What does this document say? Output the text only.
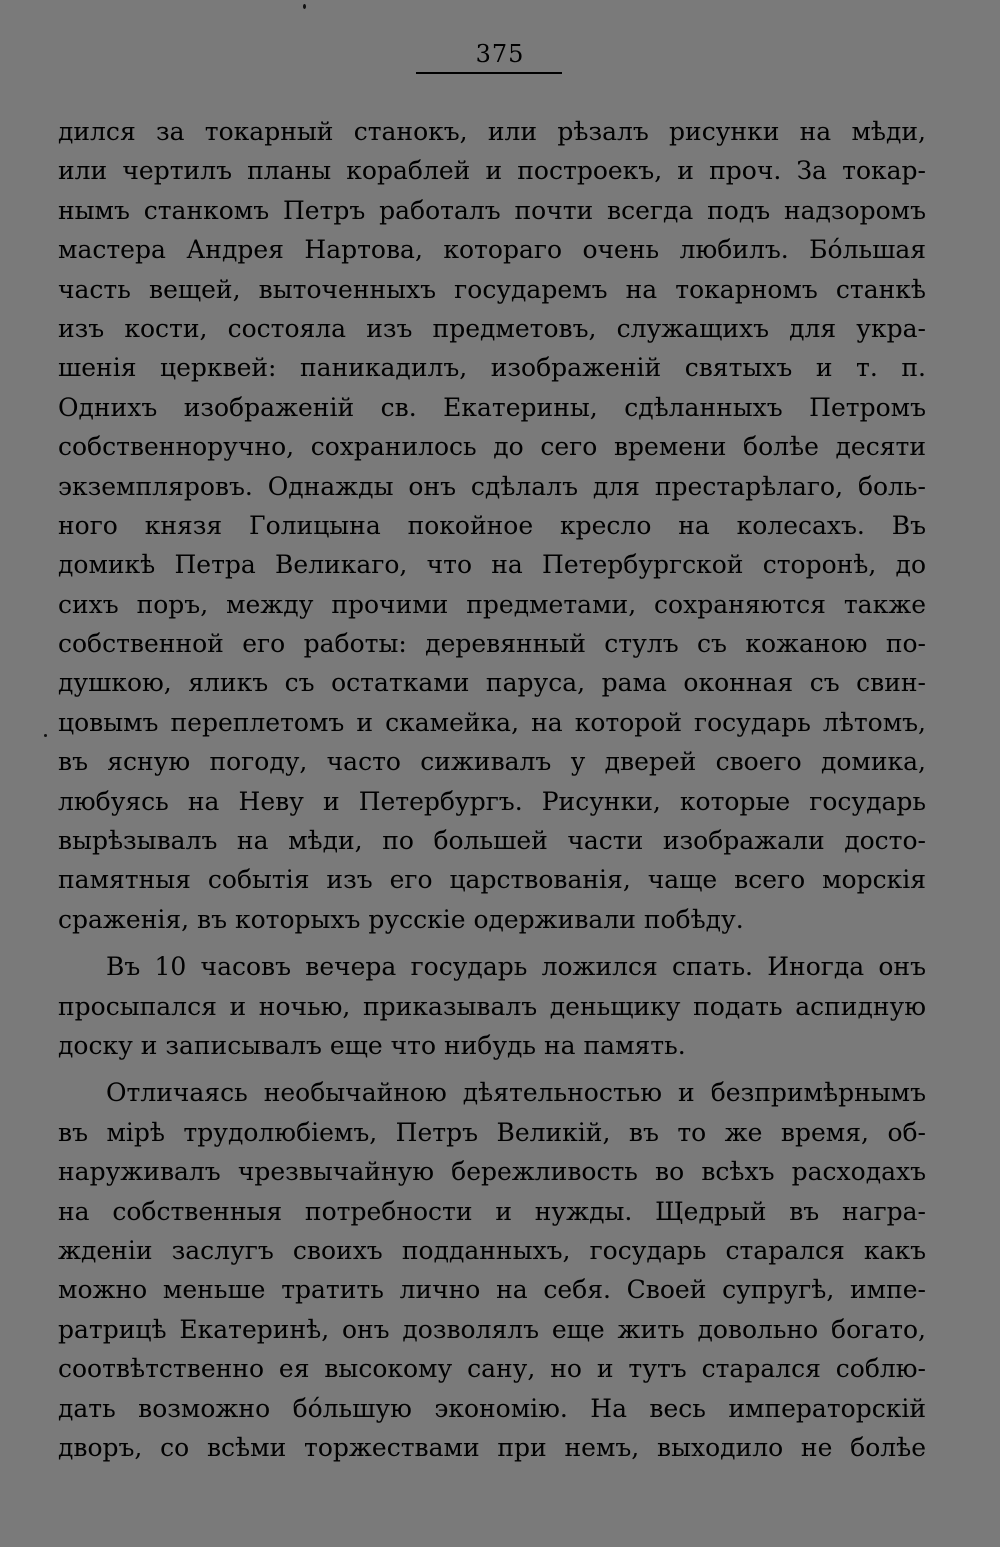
375
дился за токарный станокъ, или рѣзалъ рисунки на мѣди,
или чертилъ планы кораблей и построекъ, и проч. За токар-
нымъ станкомъ Петръ работалъ почти всегда подъ надзоромъ
мастера Андрея Нартова, котораго очень любилъ. Бо́льшая
часть вещей, выточенныхъ государемъ на токарномъ станкѣ
изъ кости, состояла изъ предметовъ, служащихъ для укра-
шенія церквей: паникадилъ, изображеній святыхъ и т. п.
Однихъ изображеній св. Екатерины, сдѣланныхъ Петромъ
собственноручно, сохранилось до сего времени болѣе десяти
экземпляровъ. Однажды онъ сдѣлалъ для престарѣлаго, боль-
ного князя Голицына покойное кресло на колесахъ. Въ
домикѣ Петра Великаго, что на Петербургской сторонѣ, до
сихъ поръ, между прочими предметами, сохраняются также
собственной его работы: деревянный стулъ съ кожаною по-
душкою, яликъ съ остатками паруса, рама оконная съ свин-
цовымъ переплетомъ и скамейка, на которой государь лѣтомъ,
въ ясную погоду, часто сиживалъ у дверей своего домика,
любуясь на Неву и Петербургъ. Рисунки, которые государь
вырѣзывалъ на мѣди, по большей части изображали досто-
памятныя событія изъ его царствованія, чаще всего морскія
сраженія, въ которыхъ русскіе одерживали побѣду.
Въ 10 часовъ вечера государь ложился спать. Иногда онъ
просыпался и ночью, приказывалъ деньщику подать аспидную
доску и записывалъ еще что нибудь на память.
Отличаясь необычайною дѣятельностью и безпримѣрнымъ
въ мірѣ трудолюбіемъ, Петръ Великій, въ то же время, об-
наруживалъ чрезвычайную бережливость во всѣхъ расходахъ
на собственныя потребности и нужды. Щедрый въ награ-
жденіи заслугъ своихъ подданныхъ, государь старался какъ
можно меньше тратить лично на себя. Своей супругѣ, импе-
ратрицѣ Екатеринѣ, онъ дозволялъ еще жить довольно богато,
соотвѣтственно ея высокому сану, но и тутъ старался соблю-
дать возможно бо́льшую экономію. На весь императорскій
дворъ, со всѣми торжествами при немъ, выходило не болѣе
